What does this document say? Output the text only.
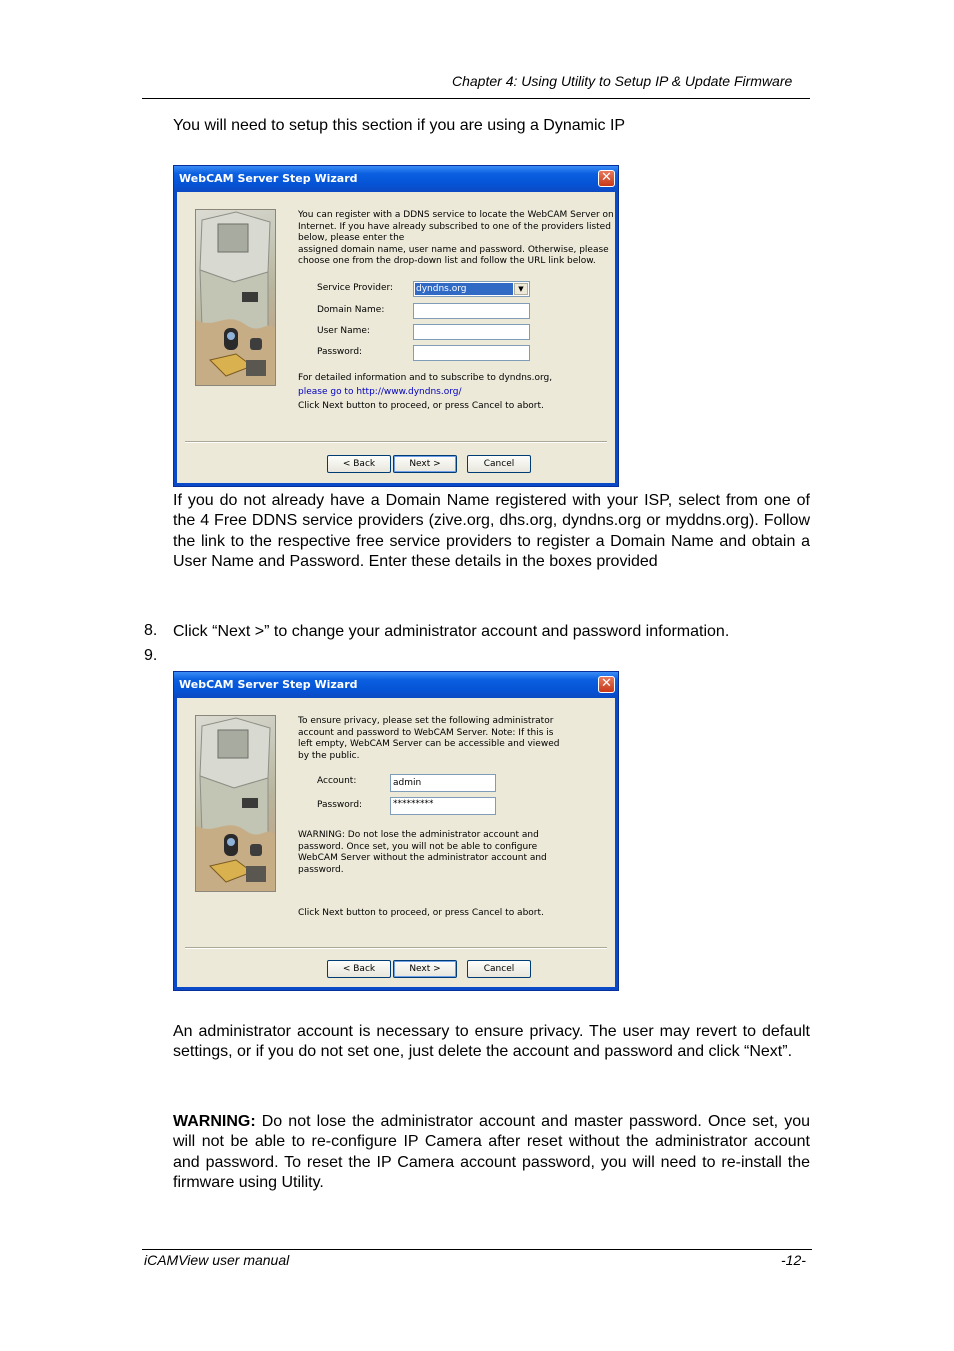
Chapter 4: Using Utility to Setup IP & Update Firmware
You will need to setup this section if you are using a Dynamic IP
WebCAM Server Step Wizard	✕
You can register with a DDNS service to locate the WebCAM Server on
Internet. If you have already subscribed to one of the providers listed
below, please enter the
assigned domain name, user name and password. Otherwise, please
choose one from the drop-down list and follow the URL link below.
Service Provider:	dyndns.org	▼
Domain Name:
User Name:
Password:
For detailed information and to subscribe to dyndns.org,
please go to http://www.dyndns.org/
Click Next button to proceed, or press Cancel to abort.
< Back	Next >	Cancel
If you do not already have a Domain Name registered with your ISP, select from one of the 4 Free DDNS service providers (zive.org, dhs.org, dyndns.org or myddns.org). Follow the link to the respective free service providers to register a Domain Name and obtain a User Name and Password. Enter these details in the boxes provided
8. Click “Next >” to change your administrator account and password information.
9.
WebCAM Server Step Wizard	✕
To ensure privacy, please set the following administrator
account and password to WebCAM Server. Note: If this is
left empty, WebCAM Server can be accessible and viewed
by the public.
Account:	admin
Password:	*********
WARNING: Do not lose the administrator account and
password. Once set, you will not be able to configure
WebCAM Server without the administrator account and
password.
Click Next button to proceed, or press Cancel to abort.
< Back	Next >	Cancel
An administrator account is necessary to ensure privacy. The user may revert to default settings, or if you do not set one, just delete the account and password and click “Next”.
WARNING: Do not lose the administrator account and master password. Once set, you will not be able to re-configure IP Camera after reset without the administrator account and password. To reset the IP Camera account password, you will need to re-install the firmware using Utility.
iCAMView user manual	-12-
